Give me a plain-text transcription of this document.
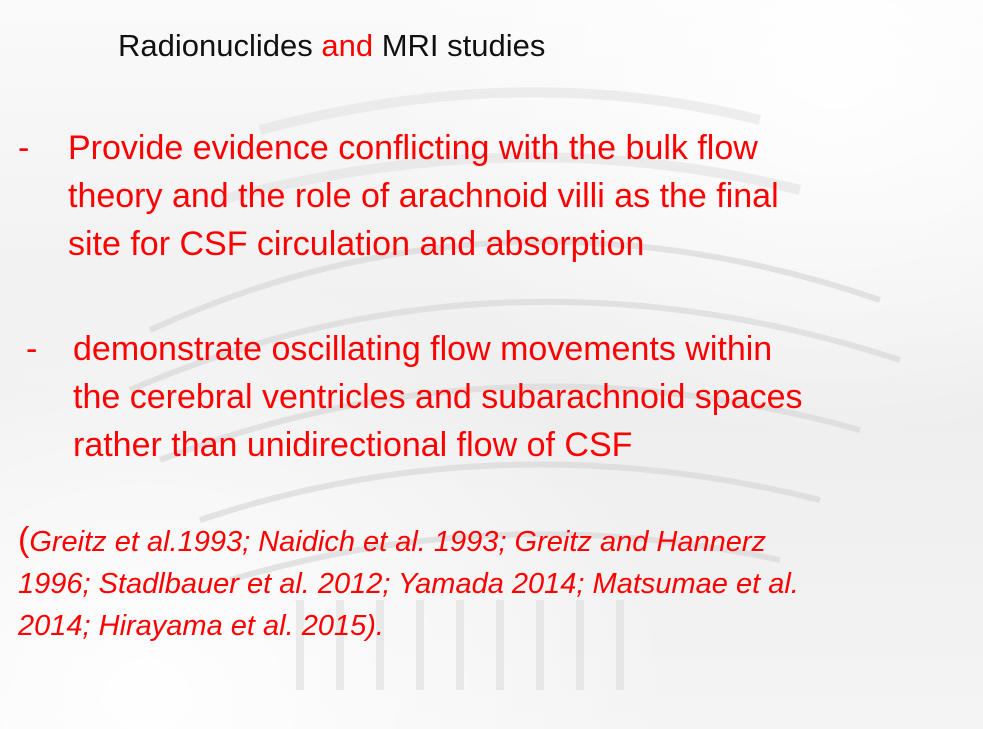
Radionuclides and MRI studies
- Provide evidence conflicting with the bulk flow
theory and the role of arachnoid villi as the final
site for CSF circulation and absorption
- demonstrate oscillating flow movements within
the cerebral ventricles and subarachnoid spaces
rather than unidirectional flow of CSF
(Greitz et al.1993; Naidich et al. 1993; Greitz and Hannerz
1996; Stadlbauer et al. 2012; Yamada 2014; Matsumae et al.
2014; Hirayama et al. 2015).
